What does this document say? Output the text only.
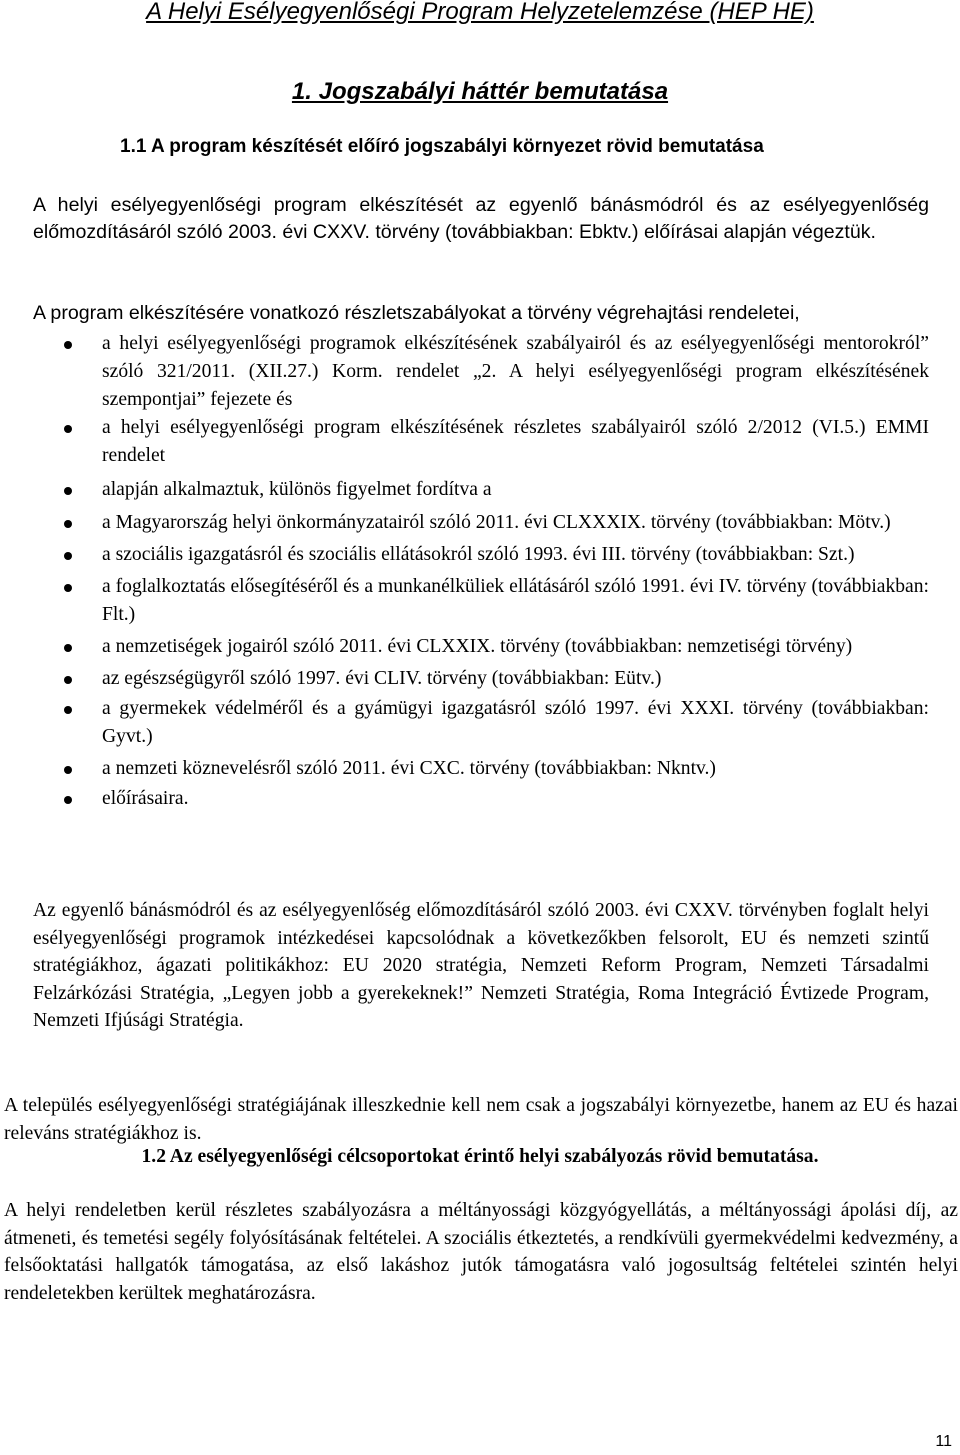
A Helyi Esélyegyenlőségi Program Helyzetelemzése (HEP HE)
1. Jogszabályi háttér bemutatása
1.1 A program készítését előíró jogszabályi környezet rövid bemutatása

A helyi esélyegyenlőségi program elkészítését az egyenlő bánásmódról és az esélyegyenlőség előmozdításáról szóló 2003. évi CXXV. törvény (továbbiakban: Ebktv.) előírásai alapján végeztük.

A program elkészítésére vonatkozó részletszabályokat a törvény végrehajtási rendeletei,

a helyi esélyegyenlőségi programok elkészítésének szabályairól és az esélyegyenlőségi mentorokról” szóló 321/2011. (XII.27.) Korm. rendelet „2. A helyi esélyegyenlőségi program elkészítésének szempontjai” fejezete és
a helyi esélyegyenlőségi program elkészítésének részletes szabályairól szóló 2/2012 (VI.5.) EMMI rendelet
alapján alkalmaztuk, különös figyelmet fordítva a
a Magyarország helyi önkormányzatairól szóló 2011. évi CLXXXIX. törvény (továbbiakban: Mötv.)
a szociális igazgatásról és szociális ellátásokról szóló 1993. évi III. törvény (továbbiakban: Szt.)
a foglalkoztatás elősegítéséről és a munkanélküliek ellátásáról szóló 1991. évi IV. törvény (továbbiakban: Flt.)
a nemzetiségek jogairól szóló 2011. évi CLXXIX. törvény (továbbiakban: nemzetiségi törvény)
az egészségügyről szóló 1997. évi CLIV. törvény (továbbiakban: Eütv.)
a gyermekek védelméről és a gyámügyi igazgatásról szóló 1997. évi XXXI. törvény (továbbiakban: Gyvt.)
a nemzeti köznevelésről szóló 2011. évi CXC. törvény (továbbiakban: Nkntv.)
előírásaira.

Az egyenlő bánásmódról és az esélyegyenlőség előmozdításáról szóló 2003. évi CXXV. törvényben foglalt helyi esélyegyenlőségi programok intézkedései kapcsolódnak a következőkben felsorolt, EU és nemzeti szintű stratégiákhoz, ágazati politikákhoz: EU 2020 stratégia, Nemzeti Reform Program, Nemzeti Társadalmi Felzárkózási Stratégia, „Legyen jobb a gyerekeknek!” Nemzeti Stratégia, Roma Integráció Évtizede Program, Nemzeti Ifjúsági Stratégia.

A település esélyegyenlőségi stratégiájának illeszkednie kell nem csak a jogszabályi környezetbe, hanem az EU és hazai releváns stratégiákhoz is.

1.2 Az esélyegyenlőségi célcsoportokat érintő helyi szabályozás rövid bemutatása.

A helyi rendeletben kerül részletes szabályozásra a méltányossági közgyógyellátás, a méltányossági ápolási díj, az átmeneti, és temetési segély folyósításának feltételei. A szociális étkeztetés, a rendkívüli gyermekvédelmi kedvezmény, a felsőoktatási hallgatók támogatása, az első lakáshoz jutók támogatásra való jogosultság feltételei szintén helyi rendeletekben kerültek meghatározásra.

11
